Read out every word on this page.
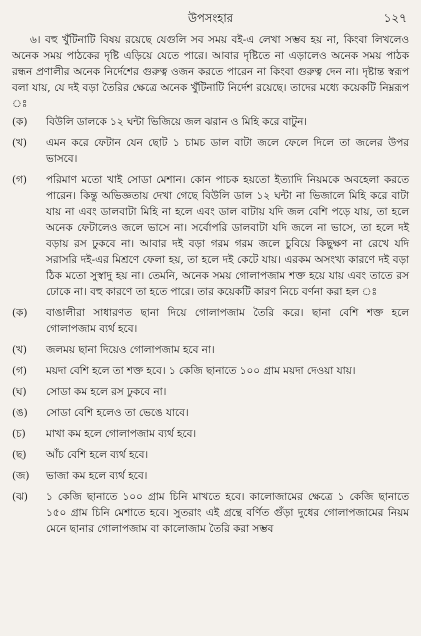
উপসংহার	১২৭

৬। বহু খুঁটিনাটি বিষয় রয়েছে যেগুলি সব সময় বই-এ লেখা সম্ভব হয় না, কিংবা লিখলেও অনেক সময় পাঠকের দৃষ্টি এড়িয়ে যেতে পারে। আবার দৃষ্টিতে না এড়ালেও অনেক সময় পাঠক রন্ধন প্রণালীর অনেক নির্দেশের গুরুত্ব ওজন করতে পারেন না কিংবা গুরুত্ব দেন না। দৃষ্টান্ত স্বরূপ বলা যায়, যে দই বড়া তৈরির ক্ষেত্রে অনেক খুঁটিনাটি নির্দেশ রয়েছে। তাদের মধ্যে কয়েকটি নিম্নরূপ ঃ

(ক)	বিউলি ডালকে ১২ ঘন্টা ভিজিয়ে জল ঝরান ও মিহি করে বাটুন।
(খ)	এমন করে ফেটান যেন ছোট ১ চামচ ডাল বাটা জলে ফেলে দিলে তা জলের উপর ভাসবে।
(গ)	পরিমাণ মতো খাই সোডা মেশান। কোন পাচক হয়তো ইত্যাদি নিয়মকে অবহেলা করতে পারেন। কিন্তু অভিজ্ঞতায় দেখা গেছে বিউলি ডাল ১২ ঘন্টা না ভিজালে মিহি করে বাটা যায় না এবং ডালবাটা মিহি না হলে এবং ডাল বাটায় যদি জল বেশি পড়ে যায়, তা হলে অনেক ফেটালেও জলে ভাসে না। সর্বোপরি ডালবাটা যদি জলে না ভাসে, তা হলে দই বড়ায় রস ঢুকবে না। আবার দই বড়া গরম গরম জলে চুবিয়ে কিছুক্ষণ না রেখে যদি সরাসরি দই-এর মিশ্রণে ফেলা হয়, তা হলে দই কেটে যায়। এরকম অসংখ্য কারণে দই বড়া ঠিক মতো সুস্বাদু হয় না। তেমনি, অনেক সময় গোলাপজাম শক্ত হয়ে যায় এবং তাতে রস ঢোকে না। বহু কারণে তা হতে পারে। তার কয়েকটি কারণ নিচে বর্ণনা করা হল ঃ
(ক)	বাঙালীরা সাধারণত ছানা দিয়ে গোলাপজাম তৈরি করে। ছানা বেশি শক্ত হলে গোলাপজাম ব্যর্থ হবে।
(খ)	জলময় ছানা দিয়েও গোলাপজাম হবে না।
(গ)	ময়দা বেশি হলে তা শক্ত হবে। ১ কেজি ছানাতে ১০০ গ্রাম ময়দা দেওয়া যায়।
(ঘ)	সোডা কম হলে রস ঢুকবে না।
(ঙ)	সোডা বেশি হলেও তা ভেঙে যাবে।
(চ)	মাখা কম হলে গোলাপজাম ব্যর্থ হবে।
(ছ)	আঁচ বেশি হলে ব্যর্থ হবে।
(জ)	ভাজা কম হলে ব্যর্থ হবে।
(ঝ)	১ কেজি ছানাতে ১০০ গ্রাম চিনি মাখতে হবে। কালোজামের ক্ষেত্রে ১ কেজি ছানাতে ১৫০ গ্রাম চিনি মেশাতে হবে। সুতরাং এই গ্রন্থে বর্ণিত গুঁড়া দুধের গোলাপজামের নিয়ম মেনে ছানার গোলাপজাম বা কালোজাম তৈরি করা সম্ভব
